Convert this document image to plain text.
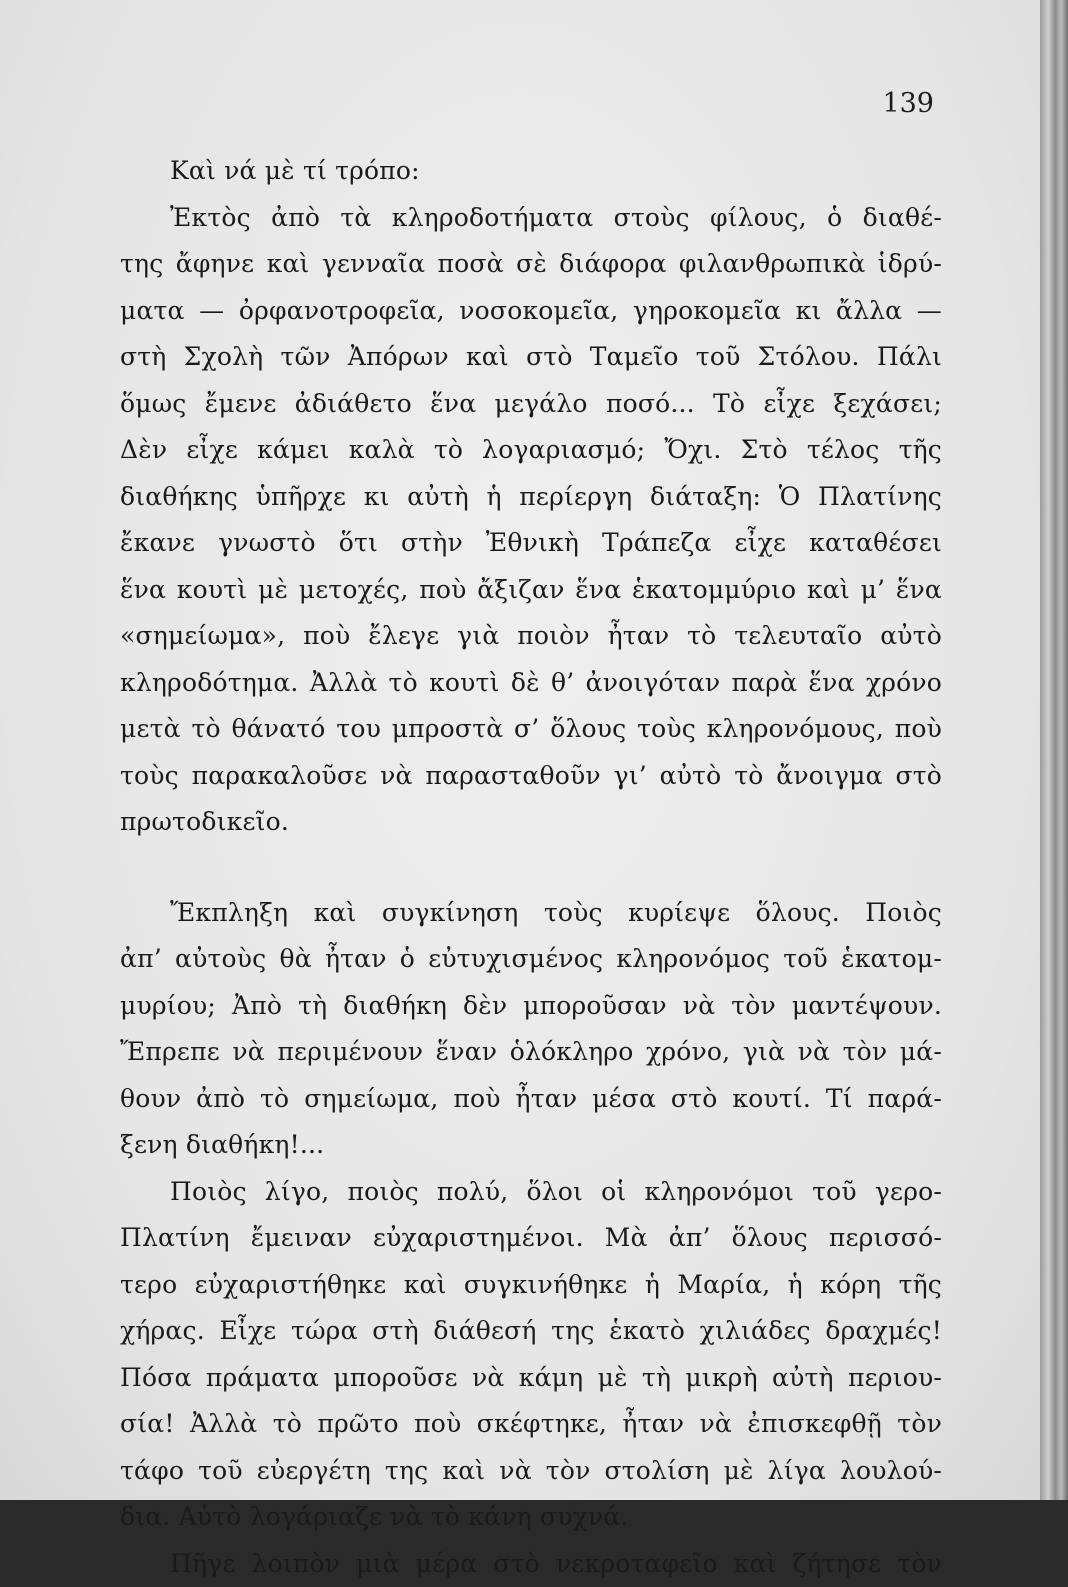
139
Καὶ νά μὲ τί τρόπο:
Ἐκτὸς ἀπὸ τὰ κληροδοτήματα στοὺς φίλους, ὁ διαθέ-
της ἄφηνε καὶ γενναῖα ποσὰ σὲ διάφορα φιλανθρωπικὰ ἱδρύ-
ματα — ὀρφανοτροφεῖα, νοσοκομεῖα, γηροκομεῖα κι ἄλλα —
στὴ Σχολὴ τῶν Ἀπόρων καὶ στὸ Ταμεῖο τοῦ Στόλου. Πάλι
ὅμως ἔμενε ἀδιάθετο ἕνα μεγάλο ποσό... Τὸ εἶχε ξεχάσει;
Δὲν εἶχε κάμει καλὰ τὸ λογαριασμό; Ὄχι. Στὸ τέλος τῆς
διαθήκης ὑπῆρχε κι αὐτὴ ἡ περίεργη διάταξη: Ὁ Πλατίνης
ἔκανε γνωστὸ ὅτι στὴν Ἐθνικὴ Τράπεζα εἶχε καταθέσει
ἕνα κουτὶ μὲ μετοχές, ποὺ ἄξιζαν ἕνα ἑκατομμύριο καὶ μ’ ἕνα
«σημείωμα», ποὺ ἔλεγε γιὰ ποιὸν ἦταν τὸ τελευταῖο αὐτὸ
κληροδότημα. Ἀλλὰ τὸ κουτὶ δὲ θ’ ἀνοιγόταν παρὰ ἕνα χρόνο
μετὰ τὸ θάνατό του μπροστὰ σ’ ὅλους τοὺς κληρονόμους, ποὺ
τοὺς παρακαλοῦσε νὰ παρασταθοῦν γι’ αὐτὸ τὸ ἄνοιγμα στὸ
πρωτοδικεῖο.
Ἔκπληξη καὶ συγκίνηση τοὺς κυρίεψε ὅλους. Ποιὸς
ἀπ’ αὐτοὺς θὰ ἦταν ὁ εὐτυχισμένος κληρονόμος τοῦ ἑκατομ-
μυρίου; Ἀπὸ τὴ διαθήκη δὲν μποροῦσαν νὰ τὸν μαντέψουν.
Ἔπρεπε νὰ περιμένουν ἕναν ὁλόκληρο χρόνο, γιὰ νὰ τὸν μά-
θουν ἀπὸ τὸ σημείωμα, ποὺ ἦταν μέσα στὸ κουτί. Τί παρά-
ξενη διαθήκη!...
Ποιὸς λίγο, ποιὸς πολύ, ὅλοι οἱ κληρονόμοι τοῦ γερο-
Πλατίνη ἔμειναν εὐχαριστημένοι. Μὰ ἀπ’ ὅλους περισσό-
τερο εὐχαριστήθηκε καὶ συγκινήθηκε ἡ Μαρία, ἡ κόρη τῆς
χήρας. Εἶχε τώρα στὴ διάθεσή της ἑκατὸ χιλιάδες δραχμές!
Πόσα πράματα μποροῦσε νὰ κάμη μὲ τὴ μικρὴ αὐτὴ περιου-
σία! Ἀλλὰ τὸ πρῶτο ποὺ σκέφτηκε, ἦταν νὰ ἐπισκεφθῇ τὸν
τάφο τοῦ εὐεργέτη της καὶ νὰ τὸν στολίση μὲ λίγα λουλού-
δια. Αὐτὸ λογάριαζε νὰ τὸ κάνη συχνά.
Πῆγε λοιπὸν μιὰ μέρα στὸ νεκροταφεῖο καὶ ζήτησε τὸν
